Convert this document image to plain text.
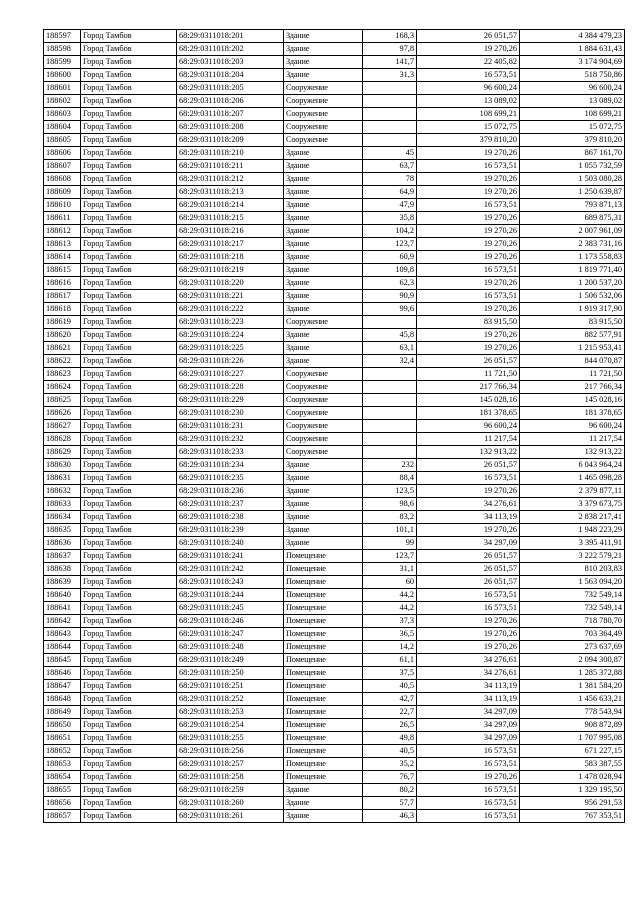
188597	Город Тамбов	68:29:0311018:201	Здание	168,3	26 051,57	4 384 479,23
188598	Город Тамбов	68:29:0311018:202	Здание	97,8	19 270,26	1 884 631,43
188599	Город Тамбов	68:29:0311018:203	Здание	141,7	22 405,82	3 174 904,69
188600	Город Тамбов	68:29:0311018:204	Здание	31,3	16 573,51	518 750,86
188601	Город Тамбов	68:29:0311018:205	Сооружение		96 600,24	96 600,24
188602	Город Тамбов	68:29:0311018:206	Сооружение		13 089,02	13 089,02
188603	Город Тамбов	68:29:0311018:207	Сооружение		108 699,21	108 699,21
188604	Город Тамбов	68:29:0311018:208	Сооружение		15 072,75	15 072,75
188605	Город Тамбов	68:29:0311018:209	Сооружение		379 810,20	379 810,20
188606	Город Тамбов	68:29:0311018:210	Здание	45	19 270,26	867 161,70
188607	Город Тамбов	68:29:0311018:211	Здание	63,7	16 573,51	1 055 732,59
188608	Город Тамбов	68:29:0311018:212	Здание	78	19 270,26	1 503 080,28
188609	Город Тамбов	68:29:0311018:213	Здание	64,9	19 270,26	1 250 639,87
188610	Город Тамбов	68:29:0311018:214	Здание	47,9	16 573,51	793 871,13
188611	Город Тамбов	68:29:0311018:215	Здание	35,8	19 270,26	689 875,31
188612	Город Тамбов	68:29:0311018:216	Здание	104,2	19 270,26	2 007 961,09
188613	Город Тамбов	68:29:0311018:217	Здание	123,7	19 270,26	2 383 731,16
188614	Город Тамбов	68:29:0311018:218	Здание	60,9	19 270,26	1 173 558,83
188615	Город Тамбов	68:29:0311018:219	Здание	109,8	16 573,51	1 819 771,40
188616	Город Тамбов	68:29:0311018:220	Здание	62,3	19 270,26	1 200 537,20
188617	Город Тамбов	68:29:0311018:221	Здание	90,9	16 573,51	1 506 532,06
188618	Город Тамбов	68:29:0311018:222	Здание	99,6	19 270,26	1 919 317,90
188619	Город Тамбов	68:29:0311018:223	Сооружение		83 915,50	83 915,50
188620	Город Тамбов	68:29:0311018:224	Здание	45,8	19 270,26	882 577,91
188621	Город Тамбов	68:29:0311018:225	Здание	63,1	19 270,26	1 215 953,41
188622	Город Тамбов	68:29:0311018:226	Здание	32,4	26 051,57	844 070,87
188623	Город Тамбов	68:29:0311018:227	Сооружение		11 721,50	11 721,50
188624	Город Тамбов	68:29:0311018:228	Сооружение		217 766,34	217 766,34
188625	Город Тамбов	68:29:0311018:229	Сооружение		145 028,16	145 028,16
188626	Город Тамбов	68:29:0311018:230	Сооружение		181 378,65	181 378,65
188627	Город Тамбов	68:29:0311018:231	Сооружение		96 600,24	96 600,24
188628	Город Тамбов	68:29:0311018:232	Сооружение		11 217,54	11 217,54
188629	Город Тамбов	68:29:0311018:233	Сооружение		132 913,22	132 913,22
188630	Город Тамбов	68:29:0311018:234	Здание	232	26 051,57	6 043 964,24
188631	Город Тамбов	68:29:0311018:235	Здание	88,4	16 573,51	1 465 098,28
188632	Город Тамбов	68:29:0311018:236	Здание	123,5	19 270,26	2 379 877,11
188633	Город Тамбов	68:29:0311018:237	Здание	98,6	34 276,61	3 379 673,75
188634	Город Тамбов	68:29:0311018:238	Здание	83,2	34 113,19	2 838 217,41
188635	Город Тамбов	68:29:0311018:239	Здание	101,1	19 270,26	1 948 223,29
188636	Город Тамбов	68:29:0311018:240	Здание	99	34 297,09	3 395 411,91
188637	Город Тамбов	68:29:0311018:241	Помещение	123,7	26 051,57	3 222 579,21
188638	Город Тамбов	68:29:0311018:242	Помещение	31,1	26 051,57	810 203,83
188639	Город Тамбов	68:29:0311018:243	Помещение	60	26 051,57	1 563 094,20
188640	Город Тамбов	68:29:0311018:244	Помещение	44,2	16 573,51	732 549,14
188641	Город Тамбов	68:29:0311018:245	Помещение	44,2	16 573,51	732 549,14
188642	Город Тамбов	68:29:0311018:246	Помещение	37,3	19 270,26	718 780,70
188643	Город Тамбов	68:29:0311018:247	Помещение	36,5	19 270,26	703 364,49
188644	Город Тамбов	68:29:0311018:248	Помещение	14,2	19 270,26	273 637,69
188645	Город Тамбов	68:29:0311018:249	Помещение	61,1	34 276,61	2 094 300,87
188646	Город Тамбов	68:29:0311018:250	Помещение	37,5	34 276,61	1 285 372,88
188647	Город Тамбов	68:29:0311018:251	Помещение	40,5	34 113,19	1 381 584,20
188648	Город Тамбов	68:29:0311018:252	Помещение	42,7	34 113,19	1 456 633,21
188649	Город Тамбов	68:29:0311018:253	Помещение	22,7	34 297,09	778 543,94
188650	Город Тамбов	68:29:0311018:254	Помещение	26,5	34 297,09	908 872,89
188651	Город Тамбов	68:29:0311018:255	Помещение	49,8	34 297,09	1 707 995,08
188652	Город Тамбов	68:29:0311018:256	Помещение	40,5	16 573,51	671 227,15
188653	Город Тамбов	68:29:0311018:257	Помещение	35,2	16 573,51	583 387,55
188654	Город Тамбов	68:29:0311018:258	Помещение	76,7	19 270,26	1 478 028,94
188655	Город Тамбов	68:29:0311018:259	Здание	80,2	16 573,51	1 329 195,50
188656	Город Тамбов	68:29:0311018:260	Здание	57,7	16 573,51	956 291,53
188657	Город Тамбов	68:29:0311018:261	Здание	46,3	16 573,51	767 353,51
